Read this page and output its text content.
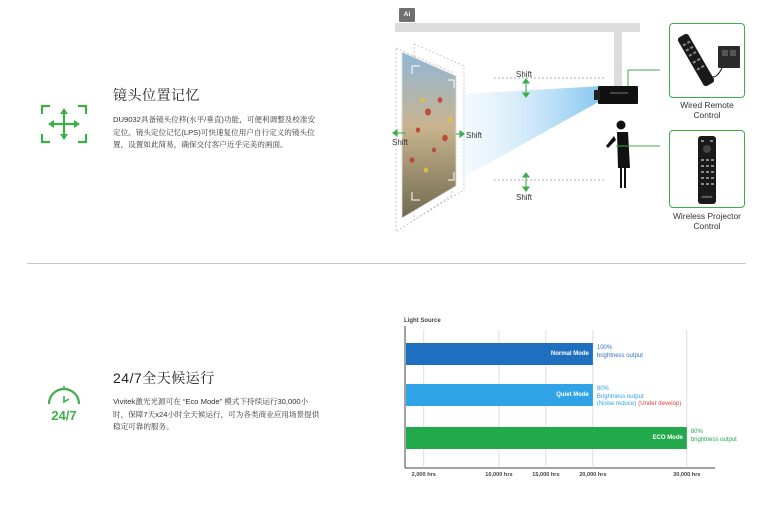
镜头位置记忆
DU9032具备镜头位移(水平/垂直)功能，可便利调整及校准安定位。镜头定位记忆(LPS)可快速复位用户自行定义的镜头位置，设置如此简易，确保交付客户近乎完美的画面。
Ai
Shift
Shift
Shift
Shift
Wired Remote
Control
vivitek
Wireless Projector
Control
24/7
24/7全天候运行
Vivitek激光光源可在 “Eco Mode” 模式下持续运行30,000小时，保障7天x24小时全天候运行，可为各类商业应用场景提供稳定可靠的服务。
Light Source
2,000 hrs	10,000 hrs	15,000 hrs	20,000 hrs	30,000 hrs
Normal Mode
100%
brightness output
Quiet Mode
80%
Brightness output
(Noise reduce) (Under develop)
ECO Mode
80%
brightness output
